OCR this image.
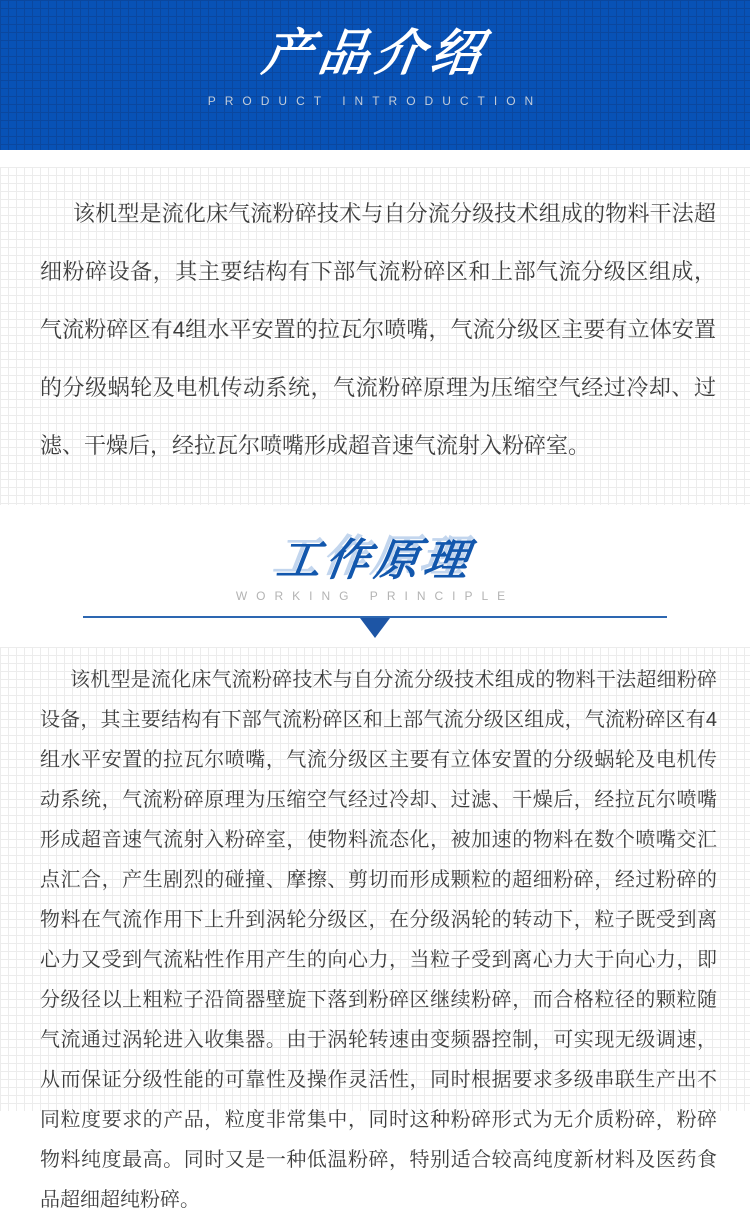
产品介绍
PRODUCT INTRODUCTION

该机型是流化床气流粉碎技术与自分流分级技术组成的物料干法超细粉碎设备，其主要结构有下部气流粉碎区和上部气流分级区组成，气流粉碎区有4组水平安置的拉瓦尔喷嘴，气流分级区主要有立体安置的分级蜗轮及电机传动系统，气流粉碎原理为压缩空气经过冷却、过滤、干燥后，经拉瓦尔喷嘴形成超音速气流射入粉碎室。

工作原理
WORKING PRINCIPLE

该机型是流化床气流粉碎技术与自分流分级技术组成的物料干法超细粉碎设备，其主要结构有下部气流粉碎区和上部气流分级区组成，气流粉碎区有4组水平安置的拉瓦尔喷嘴，气流分级区主要有立体安置的分级蜗轮及电机传动系统，气流粉碎原理为压缩空气经过冷却、过滤、干燥后，经拉瓦尔喷嘴形成超音速气流射入粉碎室，使物料流态化，被加速的物料在数个喷嘴交汇点汇合，产生剧烈的碰撞、摩擦、剪切而形成颗粒的超细粉碎，经过粉碎的物料在气流作用下上升到涡轮分级区，在分级涡轮的转动下，粒子既受到离心力又受到气流粘性作用产生的向心力，当粒子受到离心力大于向心力，即分级径以上粗粒子沿筒器壁旋下落到粉碎区继续粉碎，而合格粒径的颗粒随气流通过涡轮进入收集器。由于涡轮转速由变频器控制，可实现无级调速，从而保证分级性能的可靠性及操作灵活性，同时根据要求多级串联生产出不同粒度要求的产品，粒度非常集中，同时这种粉碎形式为无介质粉碎，粉碎物料纯度最高。同时又是一种低温粉碎，特别适合较高纯度新材料及医药食品超细超纯粉碎。
